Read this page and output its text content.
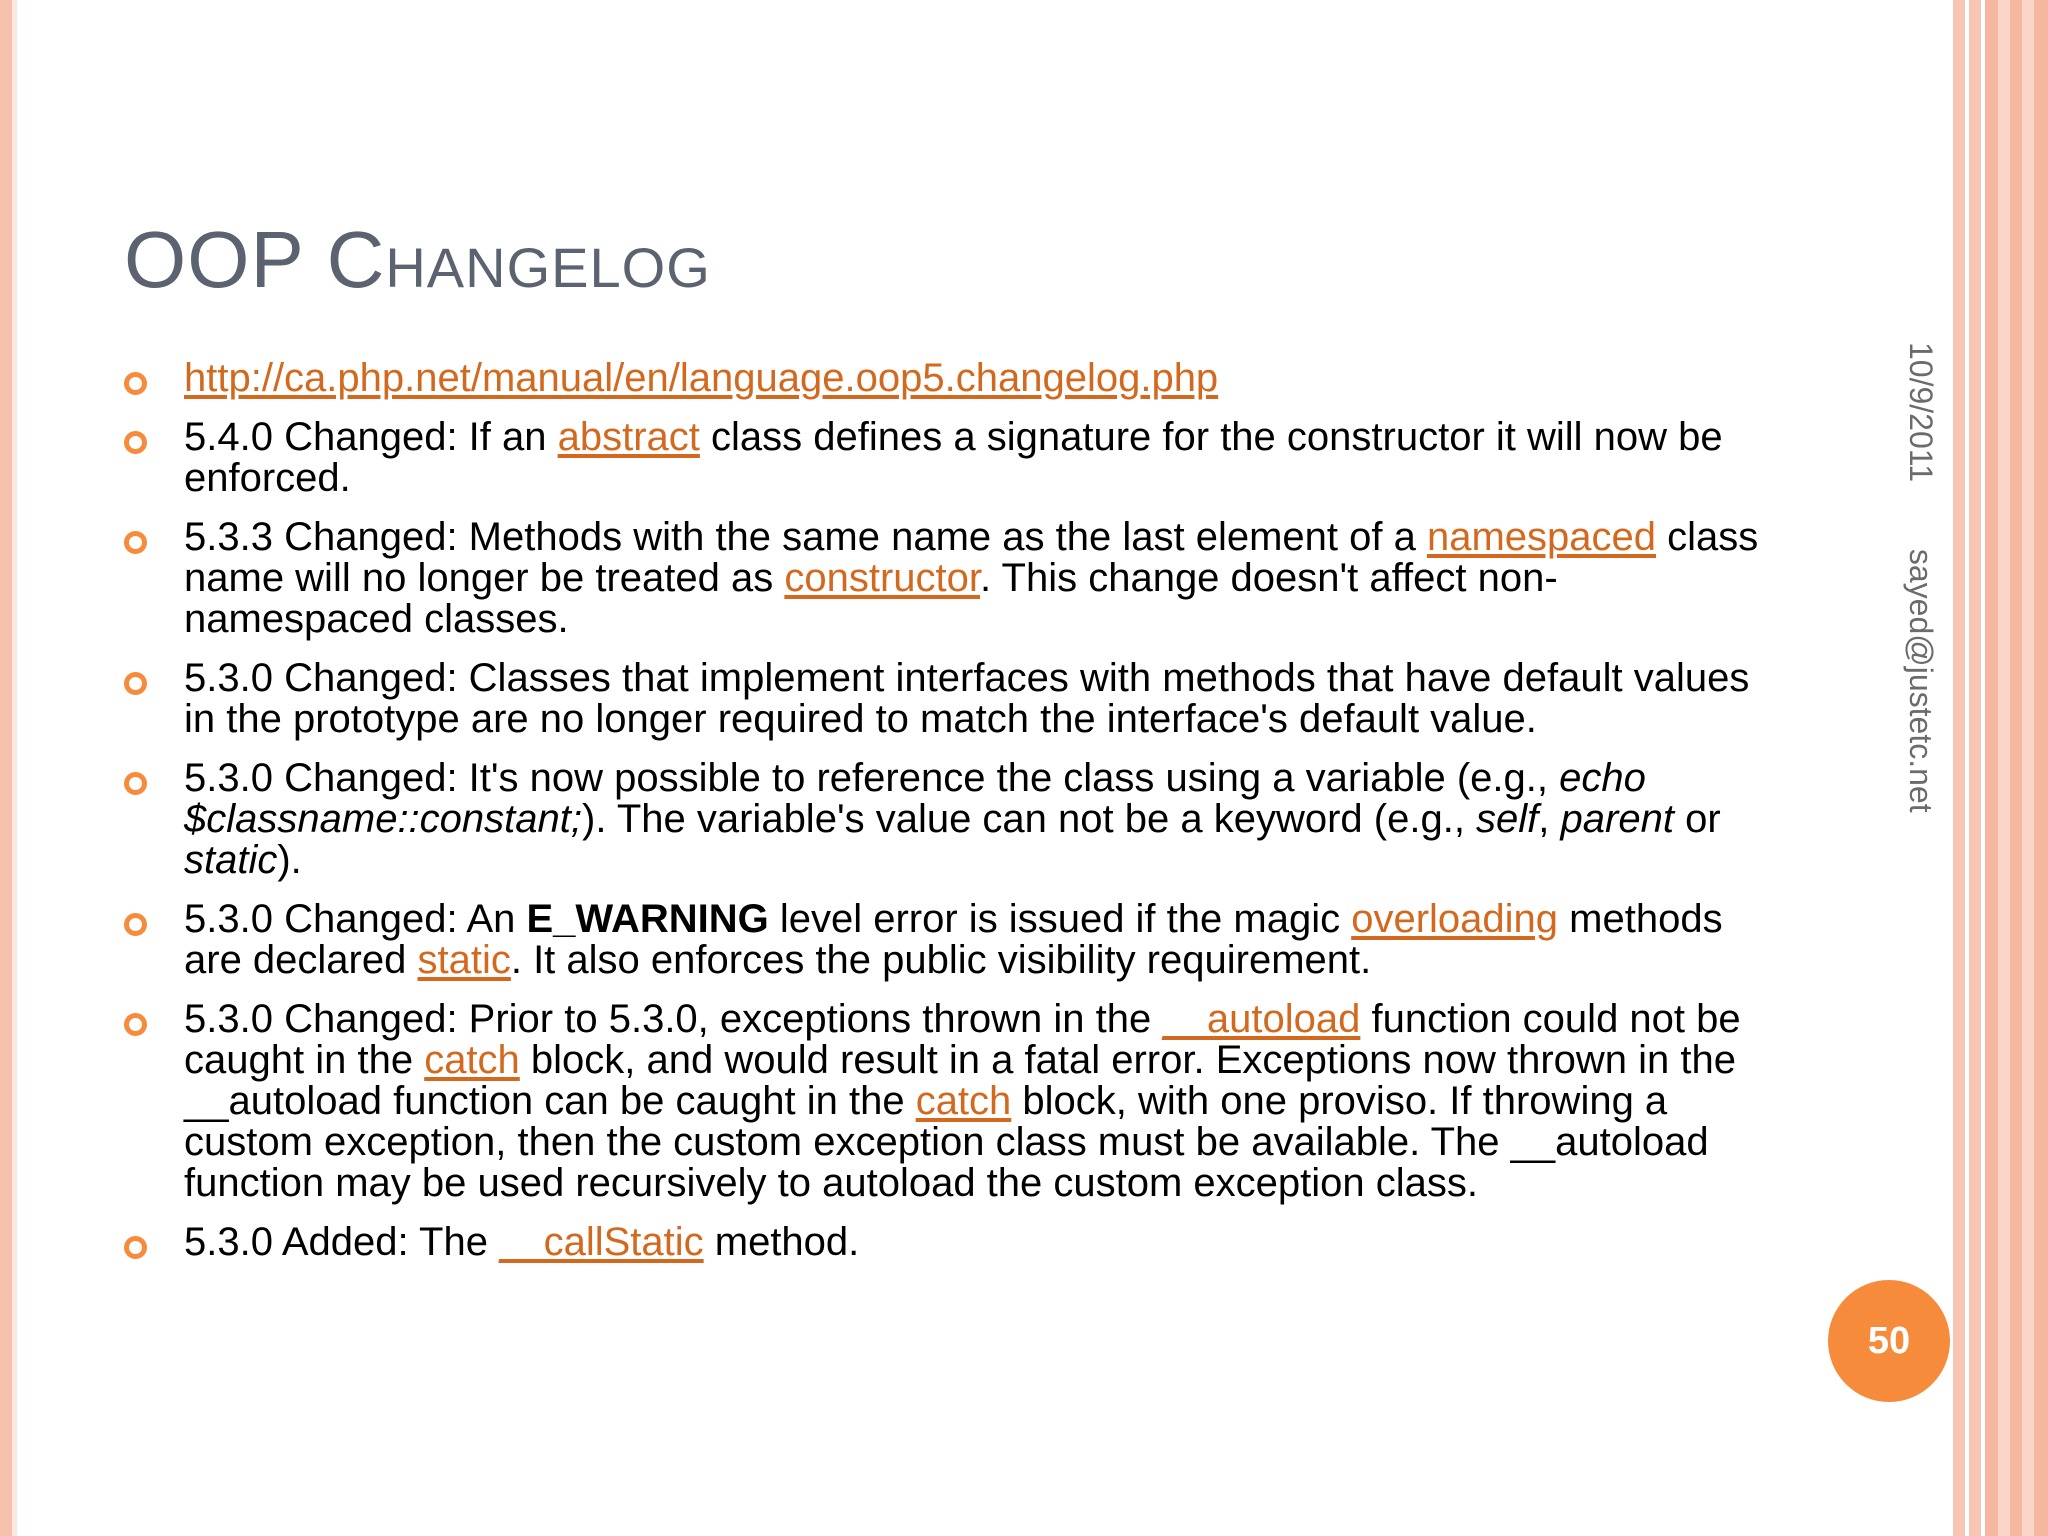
OOP Changelog
http://ca.php.net/manual/en/language.oop5.changelog.php
5.4.0 Changed: If an abstract class defines a signature for the constructor it will now be enforced.
5.3.3 Changed: Methods with the same name as the last element of a namespaced class name will no longer be treated as constructor. This change doesn't affect non-namespaced classes.
5.3.0 Changed: Classes that implement interfaces with methods that have default values in the prototype are no longer required to match the interface's default value.
5.3.0 Changed: It's now possible to reference the class using a variable (e.g., echo $classname::constant;). The variable's value can not be a keyword (e.g., self, parent or static).
5.3.0 Changed: An E_WARNING level error is issued if the magic overloading methods are declared static. It also enforces the public visibility requirement.
5.3.0 Changed: Prior to 5.3.0, exceptions thrown in the __autoload function could not be caught in the catch block, and would result in a fatal error. Exceptions now thrown in the __autoload function can be caught in the catch block, with one proviso. If throwing a custom exception, then the custom exception class must be available. The __autoload function may be used recursively to autoload the custom exception class.
5.3.0 Added: The __callStatic method.
10/9/2011 sayed@justetc.net
50
